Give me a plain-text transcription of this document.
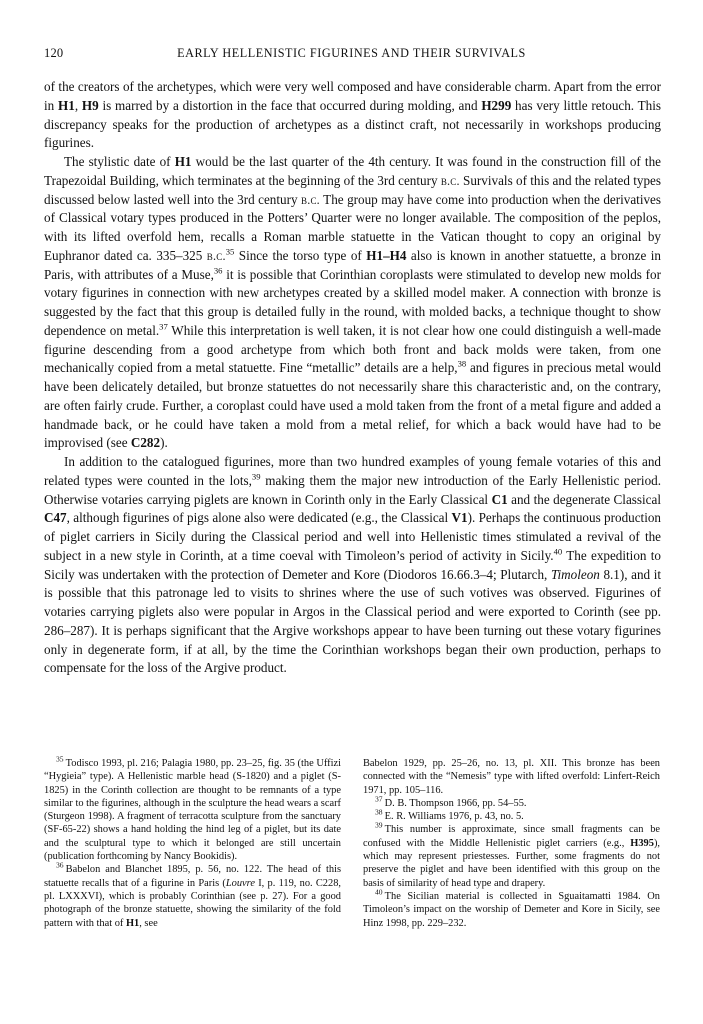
120	EARLY HELLENISTIC FIGURINES AND THEIR SURVIVALS

of the creators of the archetypes, which were very well composed and have considerable charm. Apart from the error in H1, H9 is marred by a distortion in the face that occurred during molding, and H299 has very little retouch. This discrepancy speaks for the production of archetypes as a distinct craft, not necessarily in workshops producing figurines.

The stylistic date of H1 would be the last quarter of the 4th century. It was found in the construction fill of the Trapezoidal Building, which terminates at the beginning of the 3rd century b.c. Survivals of this and the related types discussed below lasted well into the 3rd century b.c. The group may have come into production when the derivatives of Classical votary types produced in the Potters’ Quarter were no longer available. The composition of the peplos, with its lifted overfold hem, recalls a Roman marble statuette in the Vatican thought to copy an original by Euphranor dated ca. 335–325 b.c.$^{35}$ Since the torso type of H1–H4 also is known in another statuette, a bronze in Paris, with attributes of a Muse,$^{36}$ it is possible that Corinthian coroplasts were stimulated to develop new molds for votary figurines in connection with new archetypes created by a skilled model maker. A connection with bronze is suggested by the fact that this group is detailed fully in the round, with molded backs, a technique thought to show dependence on metal.$^{37}$ While this interpretation is well taken, it is not clear how one could distinguish a well-made figurine descending from a good archetype from which both front and back molds were taken, from one mechanically copied from a metal statuette. Fine “metallic” details are a help,$^{38}$ and figures in precious metal would have been delicately detailed, but bronze statuettes do not necessarily share this characteristic and, on the contrary, are often fairly crude. Further, a coroplast could have used a mold taken from the front of a metal figure and added a handmade back, or he could have taken a mold from a metal relief, for which a back would have had to be improvised (see C282).

In addition to the catalogued figurines, more than two hundred examples of young female votaries of this and related types were counted in the lots,$^{39}$ making them the major new introduction of the Early Hellenistic period. Otherwise votaries carrying piglets are known in Corinth only in the Early Classical C1 and the degenerate Classical C47, although figurines of pigs alone also were dedicated (e.g., the Classical V1). Perhaps the continuous production of piglet carriers in Sicily during the Classical period and well into Hellenistic times stimulated a revival of the subject in a new style in Corinth, at a time coeval with Timoleon’s period of activity in Sicily.$^{40}$ The expedition to Sicily was undertaken with the protection of Demeter and Kore (Diodoros 16.66.3–4; Plutarch, Timoleon 8.1), and it is possible that this patronage led to visits to shrines where the use of such votives was observed. Figurines of votaries carrying piglets also were popular in Argos in the Classical period and were exported to Corinth (see pp. 286–287). It is perhaps significant that the Argive workshops appear to have been turning out these votary figurines only in degenerate form, if at all, by the time the Corinthian workshops began their own production, perhaps to compensate for the loss of the Argive product.

$^{35}$ Todisco 1993, pl. 216; Palagia 1980, pp. 23–25, fig. 35 (the Uffizi “Hygieia” type). A Hellenistic marble head (S-1820) and a piglet (S-1825) in the Corinth collection are thought to be remnants of a type similar to the figurines, although in the sculpture the head wears a scarf (Sturgeon 1998). A fragment of terracotta sculpture from the sanctuary (SF-65-22) shows a hand holding the hind leg of a piglet, but its date and the sculptural type to which it belonged are still uncertain (publication forthcoming by Nancy Bookidis).

$^{36}$ Babelon and Blanchet 1895, p. 56, no. 122. The head of this statuette recalls that of a figurine in Paris (Louvre I, p. 119, no. C228, pl. LXXXVI), which is probably Corinthian (see p. 27). For a good photograph of the bronze statuette, showing the similarity of the fold pattern with that of H1, see

Babelon 1929, pp. 25–26, no. 13, pl. XII. This bronze has been connected with the “Nemesis” type with lifted overfold: Linfert-Reich 1971, pp. 105–116.

$^{37}$ D. B. Thompson 1966, pp. 54–55.

$^{38}$ E. R. Williams 1976, p. 43, no. 5.

$^{39}$ This number is approximate, since small fragments can be confused with the Middle Hellenistic piglet carriers (e.g., H395), which may represent priestesses. Further, some fragments do not preserve the piglet and have been identified with this group on the basis of similarity of head type and drapery.

$^{40}$ The Sicilian material is collected in Sguaitamatti 1984. On Timoleon’s impact on the worship of Demeter and Kore in Sicily, see Hinz 1998, pp. 229–232.
